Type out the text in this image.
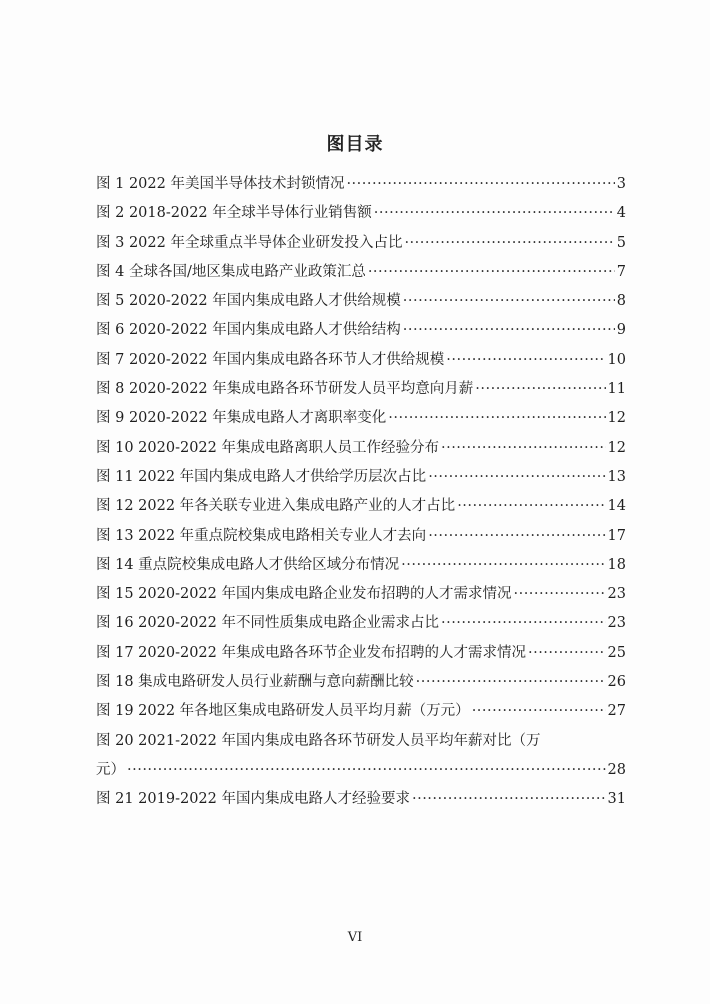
图目录
图 1 2022 年美国半导体技术封锁情况 .....	3
图 2 2018-2022 年全球半导体行业销售额 .....	4
图 3 2022 年全球重点半导体企业研发投入占比 .....	5
图 4 全球各国/地区集成电路产业政策汇总 .....	7
图 5 2020-2022 年国内集成电路人才供给规模 .....	8
图 6 2020-2022 年国内集成电路人才供给结构 .....	9
图 7 2020-2022 年国内集成电路各环节人才供给规模 .....	10
图 8 2020-2022 年集成电路各环节研发人员平均意向月薪 .....	11
图 9 2020-2022 年集成电路人才离职率变化 .....	12
图 10 2020-2022 年集成电路离职人员工作经验分布 .....	12
图 11 2022 年国内集成电路人才供给学历层次占比 .....	13
图 12 2022 年各关联专业进入集成电路产业的人才占比 .....	14
图 13 2022 年重点院校集成电路相关专业人才去向 .....	17
图 14 重点院校集成电路人才供给区域分布情况 .....	18
图 15 2020-2022 年国内集成电路企业发布招聘的人才需求情况 .....	23
图 16 2020-2022 年不同性质集成电路企业需求占比 .....	23
图 17 2020-2022 年集成电路各环节企业发布招聘的人才需求情况 .....	25
图 18 集成电路研发人员行业薪酬与意向薪酬比较 .....	26
图 19 2022 年各地区集成电路研发人员平均月薪（万元） .....	27
图 20 2021-2022 年国内集成电路各环节研发人员平均年薪对比（万
元） .....	28
图 21 2019-2022 年国内集成电路人才经验要求 .....	31
VI
